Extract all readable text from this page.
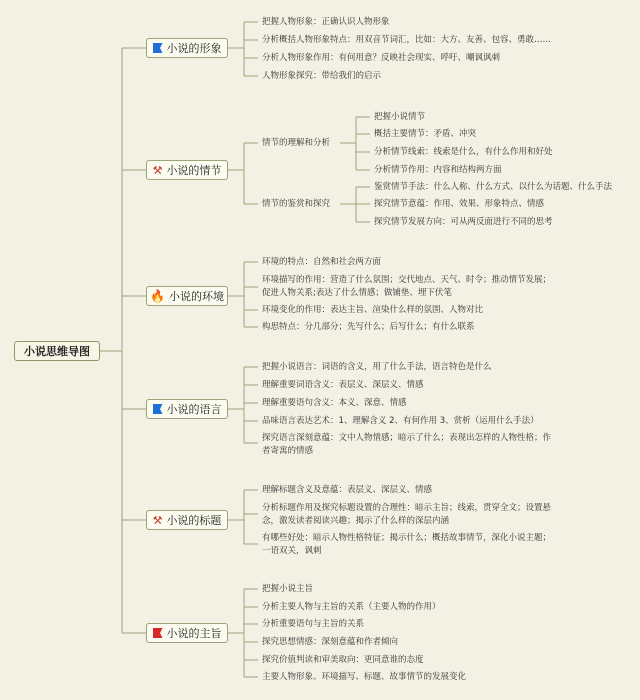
小说思维导图
小说的形象
把握人物形象：正确认识人物形象
分析概括人物形象特点：用双音节词汇，比如：大方、友善、包容、勇敢……
分析人物形象作用：有何用意？反映社会现实、呼吁、嘲讽讽刺
人物形象探究：带给我们的启示
⚒ 小说的情节
情节的理解和分析
情节的鉴赏和探究
把握小说情节
概括主要情节：矛盾、冲突
分析情节线索：线索是什么，有什么作用和好处
分析情节作用：内容和结构两方面
鉴赏情节手法：什么人称、什么方式、以什么为话题、什么手法
探究情节意蕴：作用、效果、形象特点、情感
探究情节发展方向：可从两反面进行不同的思考
🔥 小说的环境
环境的特点：自然和社会两方面
环境描写的作用：营造了什么氛围；交代地点、天气、时令；推动情节发展；促进人物关系;表达了什么情感；做铺垫、埋下伏笔
环境变化的作用：表达主旨、渲染什么样的氛围、人物对比
构思特点：分几部分；先写什么；后写什么；有什么联系
小说的语言
把握小说语言：词语的含义，用了什么手法，语言特色是什么
理解重要词语含义：表层义、深层义、情感
理解重要语句含义：本义、深意、情感
品味语言表达艺术：1、理解含义 2、有何作用 3、赏析（运用什么手法）
探究语言深刻意蕴：文中人物情感；暗示了什么；表现出怎样的人物性格；作者寄寓的情感
⚒ 小说的标题
理解标题含义及意蕴：表层义、深层义、情感
分析标题作用及探究标题设置的合理性：暗示主旨；线索，贯穿全文；设置悬念，激发读者阅读兴趣；揭示了什么样的深层内涵
有哪些好处：暗示人物性格特征；揭示什么；概括故事情节，深化小说主题；一语双关，讽刺
小说的主旨
把握小说主旨
分析主要人物与主旨的关系（主要人物的作用）
分析重要语句与主旨的关系
探究思想情感：深刻意蕴和作者倾向
探究价值判读和审美取向：更同意谁的态度
主要人物形象、环境描写、标题、故事情节的发展变化
